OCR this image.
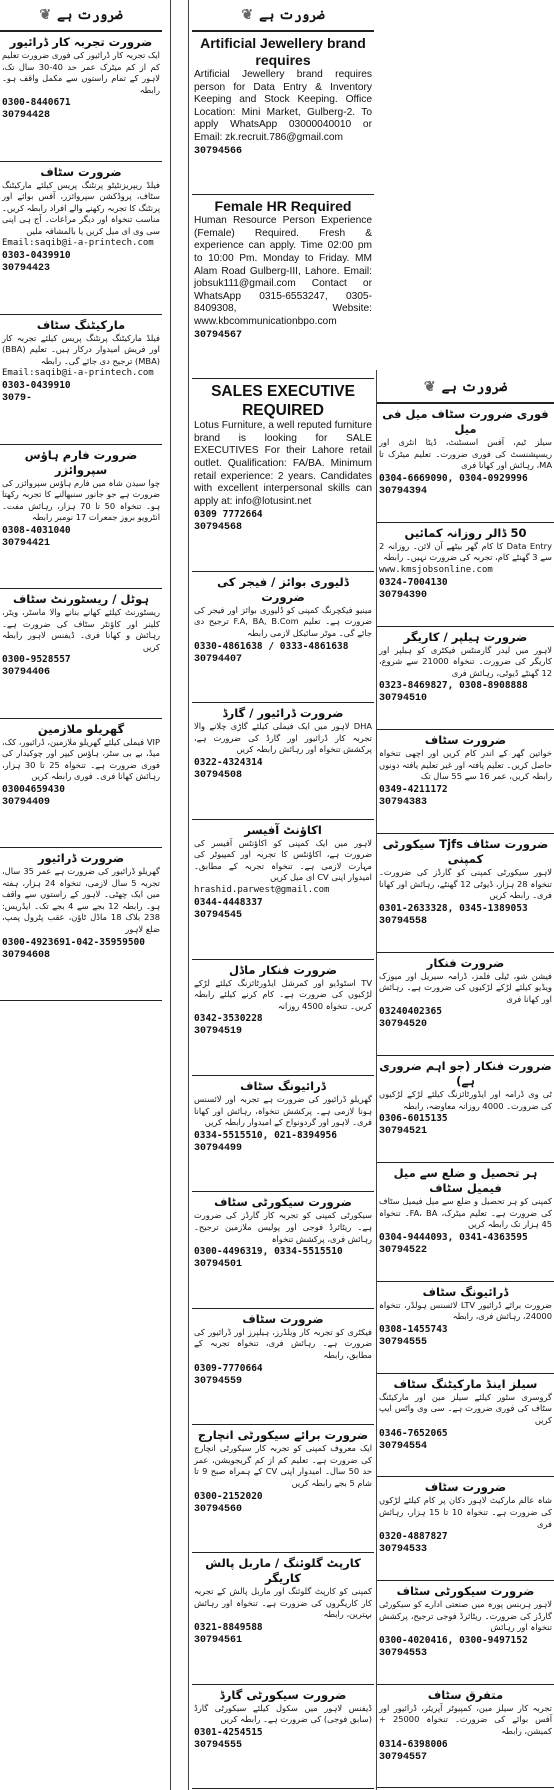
ضرورت ہے
❦
ضرورت تجربہ کار ڈرائیور
ایک تجربہ کار ڈرائیور کی فوری ضرورت تعلیم کم از کم میٹرک عمر حد 40-30 سال تک، لاہور کے تمام راستوں سے مکمل واقف ہو۔ رابطہ
0300-8440671
30794428
ضرورت سٹاف
فیلڈ ریپریزنٹیٹو پرنٹنگ پریس کیلئے مارکیٹنگ سٹاف، پروڈکشن سپروائزر، آفس بوائے اور پرنٹنگ کا تجربہ رکھنے والے افراد رابطہ کریں۔ مناسب تنخواہ اور دیگر مراعات۔ آج ہی اپنی سی وی ای میل کریں یا بالمشافہ ملیں
Email:saqib@i-a-printech.com
0303-0439910
30794423
مارکیٹنگ سٹاف
فیلڈ مارکیٹنگ پرنٹنگ پریس کیلئے تجربہ کار اور فریش امیدوار درکار ہیں۔ تعلیم (BBA) (MBA) ترجیح دی جائے گی۔ رابطہ
Email:saqib@i-a-printech.com
0303-0439910
3079-
ضرورت فارم ہاؤس سپروائزر
چوا سیدن شاہ میں فارم ہاؤس سپروائزر کی ضرورت ہے جو جانور سنبھالنے کا تجربہ رکھتا ہو۔ تنخواہ 50 تا 70 ہزار، رہائش مفت۔ انٹرویو بروز جمعرات 17 نومبر رابطہ
0308-4031040
30794421
ہوٹل / ریسٹورنٹ سٹاف
ریسٹورنٹ کیلئے کھانے بنانے والا ماسٹر، ویٹر، کلینر اور کاؤنٹر سٹاف کی ضرورت ہے۔ رہائش و کھانا فری۔ ڈیفنس لاہور رابطہ کریں
0300-9528557
30794406
گھریلو ملازمین
VIP فیملی کیلئے گھریلو ملازمین، ڈرائیور، کک، میڈ، بے بی سٹر، ہاؤس کیپر اور چوکیدار کی فوری ضرورت ہے۔ تنخواہ 25 تا 30 ہزار، رہائش کھانا فری۔ فوری رابطہ کریں
03004659430
30794409
ضرورت ڈرائیور
گھریلو ڈرائیور کی ضرورت ہے عمر 35 سال، تجربہ 5 سال لازمی، تنخواہ 24 ہزار، ہفتہ میں ایک چھٹی۔ لاہور کے راستوں سے واقف ہو۔ رابطہ 12 بجے سے 4 بجے تک۔ ایڈریس: 238 بلاک 18 ماڈل ٹاؤن، عقب پٹرول پمپ، ضلع لاہور
0300-4923691-042-35959500
30794608
ضرورت ہے
❦
Artificial Jewellery brand requires
Artificial Jewellery brand requires person for Data Entry & Inventory Keeping and Stock Keeping. Office Location: Mini Market, Gulberg-2. To apply WhatsApp 03000040010 or Email: zk.recruit.786@gmail.com
30794566
Female HR Required
Human Resource Person Experience (Female) Required. Fresh & experience can apply. Time 02:00 pm to 10:00 Pm. Monday to Friday. MM Alam Road Gulberg-III, Lahore. Email: jobsuk111@gmail.com Contact or WhatsApp 0315-6553247, 0305-8409308, Website: www.kbcommunicationbpo.com
30794567
SALES EXECUTIVE REQUIRED
Lotus Furniture, a well reputed furniture brand is looking for SALE EXECUTIVES For their Lahore retail outlet. Qualification: FA/BA. Minimum retail experience: 2 years. Candidates with excellent interpersonal skills can apply at: info@lotusint.net
0309 7772664
30794568
ڈلیوری بوائز / فیجر کی ضرورت
مینیو فیکچرنگ کمپنی کو ڈلیوری بوائز اور فیجر کی ضرورت ہے۔ تعلیم F.A, BA, B.Com ترجیح دی جائے گی۔ موٹر سائیکل لازمی رابطہ
0330-4861638 / 0333-4861638
30794407
ضرورت ڈرائیور / گارڈ
DHA لاہور میں ایک فیملی کیلئے گاڑی چلانے والا تجربہ کار ڈرائیور اور گارڈ کی ضرورت ہے، پرکشش تنخواہ اور رہائش رابطہ کریں
0322-4324314
30794508
اکاؤنٹ آفیسر
لاہور میں ایک کمپنی کو اکاؤنٹس آفیسر کی ضرورت ہے، اکاؤنٹس کا تجربہ اور کمپیوٹر کی مہارت لازمی ہے۔ تنخواہ تجربہ کے مطابق۔ امیدوار اپنی CV ای میل کریں
hrashid.parwest@gmail.com
0344-4448337
30794545
ضرورت فنکار ماڈل
TV اسٹوڈیو اور کمرشل ایڈورٹائزنگ کیلئے لڑکے لڑکیوں کی ضرورت ہے۔ کام کرنے کیلئے رابطہ کریں۔ تنخواہ 4500 روزانہ
0342-3530228
30794519
ڈرائیونگ سٹاف
گھریلو ڈرائیور کی ضرورت ہے تجربہ اور لائسنس ہونا لازمی ہے۔ پرکشش تنخواہ، رہائش اور کھانا فری۔ لاہور اور گردونواح کے امیدوار رابطہ کریں
0334-5515510, 021-8394956
30794499
ضرورت سیکورٹی سٹاف
سیکورٹی کمپنی کو تجربہ کار گارڈز کی ضرورت ہے۔ ریٹائرڈ فوجی اور پولیس ملازمین ترجیح۔ رہائش فری، پرکشش تنخواہ
0300-4496319, 0334-5515510
30794501
ضرورت سٹاف
فیکٹری کو تجربہ کار ویلڈرز، ہیلپرز اور ڈرائیور کی ضرورت ہے۔ رہائش فری، تنخواہ تجربہ کے مطابق، رابطہ
0309-7770664
30794559
ضرورت برائے سیکورٹی انچارج
ایک معروف کمپنی کو تجربہ کار سیکورٹی انچارج کی ضرورت ہے۔ تعلیم کم از کم گریجویشن، عمر حد 50 سال۔ امیدوار اپنی CV کے ہمراہ صبح 9 تا شام 5 بجے رابطہ کریں
0300-2152020
30794560
کارپٹ گلوئنگ / ماربل پالش کاریگر
کمپنی کو کارپٹ گلوئنگ اور ماربل پالش کے تجربہ کار کاریگروں کی ضرورت ہے۔ تنخواہ اور رہائش بہترین، رابطہ
0321-8849588
30794561
ضرورت سیکورٹی گارڈ
ڈیفنس لاہور میں سکول کیلئے سیکورٹی گارڈ (سابق فوجی) کی ضرورت ہے۔ رابطہ کریں
0301-4254515
30794555
ضرورت ہے
❦
فوری ضرورت سٹاف میل فی میل
سیلز ٹیم، آفس اسسٹنٹ، ڈیٹا انٹری اور ریسپشنسٹ کی فوری ضرورت۔ تعلیم میٹرک تا MA، رہائش اور کھانا فری
0304-6669090, 0304-0929996
30794394
50 ڈالر روزانہ کمائیں
Data Entry کا کام گھر بیٹھے آن لائن۔ روزانہ 2 سے 3 گھنٹے کام، تجربہ کی ضرورت نہیں۔ رابطہ
www.kmsjobsonline.com
0324-7004130
30794390
ضرورت ہیلپر / کاریگر
لاہور میں لیدر گارمنٹس فیکٹری کو ہیلپر اور کاریگر کی ضرورت۔ تنخواہ 21000 سے شروع، 12 گھنٹے ڈیوٹی، رہائش فری
0323-8469827, 0308-8908888
30794510
ضرورت سٹاف
خواتین گھر کے اندر کام کریں اور اچھی تنخواہ حاصل کریں۔ تعلیم یافتہ اور غیر تعلیم یافتہ دونوں رابطہ کریں، عمر 16 سے 55 سال تک
0349-4211172
30794383
ضرورت سٹاف Tjfs سیکورٹی کمپنی
لاہور سیکورٹی کمپنی کو گارڈز کی ضرورت۔ تنخواہ 28 ہزار، ڈیوٹی 12 گھنٹے، رہائش اور کھانا فری۔ رابطہ کریں
0301-2633328, 0345-1389053
30794558
ضرورت فنکار
فیشن شو، ٹیلی فلمز، ڈرامہ سیریل اور میوزک ویڈیو کیلئے لڑکے لڑکیوں کی ضرورت ہے۔ رہائش اور کھانا فری
03240402365
30794520
ضرورت فنکار (جو اہم ضروری ہے)
ٹی وی ڈرامہ اور ایڈورٹائزنگ کیلئے لڑکے لڑکیوں کی ضرورت۔ 4000 روزانہ معاوضہ، رابطہ
0306-6015135
30794521
ہر تحصیل و ضلع سے میل فیمیل سٹاف
کمپنی کو ہر تحصیل و ضلع سے میل فیمیل سٹاف کی ضرورت ہے۔ تعلیم میٹرک، FA، BA۔ تنخواہ 45 ہزار تک رابطہ کریں
0304-9444093, 0341-4363595
30794522
ڈرائیونگ سٹاف
ضرورت برائے ڈرائیور LTV لائسنس ہولڈر، تنخواہ 24000، رہائش فری، رابطہ
0308-1455743
30794555
سیلز اینڈ مارکیٹنگ سٹاف
گروسری سٹور کیلئے سیلز مین اور مارکیٹنگ سٹاف کی فوری ضرورت ہے۔ سی وی واٹس ایپ کریں
0346-7652065
30794554
ضرورت سٹاف
شاہ عالم مارکیٹ لاہور دکان پر کام کیلئے لڑکوں کی ضرورت ہے۔ تنخواہ 10 تا 15 ہزار، رہائش فری
0320-4887827
30794533
ضرورت سیکورٹی سٹاف
لاہور ہربنس پورہ میں صنعتی ادارے کو سیکورٹی گارڈز کی ضرورت۔ ریٹائرڈ فوجی ترجیح، پرکشش تنخواہ اور رہائش
0300-4020416, 0300-9497152
30794553
متفرق سٹاف
تجربہ کار سیلز مین، کمپیوٹر آپریٹر، ڈرائیور اور آفس بوائے کی ضرورت۔ تنخواہ 25000 + کمیشن، رابطہ
0314-6398006
30794557
